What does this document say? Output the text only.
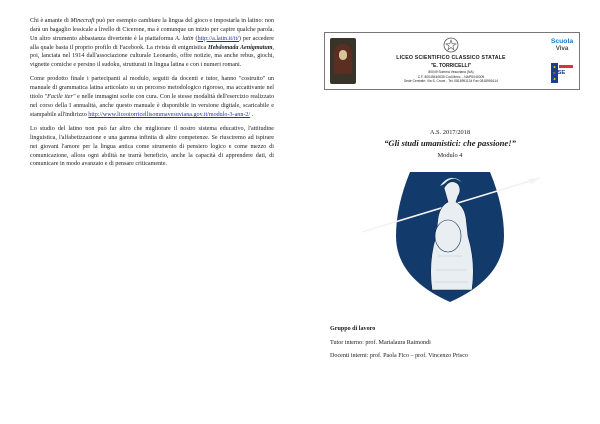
Chi è amante di Minecraft può per esempio cambiare la lingua del gioco e impostarla in latino: non darà un bagaglio lessicale a livello di Cicerone, ma è comunque un inizio per capire qualche parola. Un altro strumento abbastanza divertente è la piattaforma A. latin (http://a.latin.it/it/) per accedere alla quale basta il proprio profilo di Facebook. La rivista di enigmistica Hebdomada Aenigmatum, poi, lanciata nel 1914 dall'associazione culturale Leonardo, offre notizie, ma anche rebus, giochi, vignette comiche e persino il sudoku, strutturati in lingua latina e con i numeri romani.

Come prodotto finale i partecipanti al modulo, seguiti da docenti e tutor, hanno "costruito" un manuale di grammatica latina articolato su un percorso metodologico rigoroso, ma accattivante nel titolo "Facile iter" e nelle immagini scelte con cura. Con le stesse modalità dell'esercizio realizzato nel corso della I annualità, anche questo manuale è disponibile in versione digitale, scaricabile e stampabile all'indirizzo http://www.liceotorricellisommavesuviana.gov.it/modulo-3-ann-2/ .

Lo studio del latino non può far altro che migliorare il nostro sistema educativo, l'attitudine linguistica, l'alfabetizzazione e una gamma infinita di altre competenze. Se riusciremo ad ispirare nei giovani l'amore per la lingua antica come strumento di pensiero logico e come mezzo di comunicazione, allora ogni abilità ne trarrà beneficio, anche la capacità di apprendere dati, di comunicare in modo avanzato e di pensare criticamente.

LICEO SCIENTIFICO CLASSICO STATALE
"E. TORRICELLI"
80049 Somma Vesuviana (NA)
C.F. 80045440635 Cod.Mecc. - NAPS040009
Sede Centrale: Via S. Croce - Tel. 0818991134 Fax 0818991614
Scuola
Viva
FSE
A.S. 2017/2018
“Gli studi umanistici: che passione!”
Modulo 4
Gruppo di lavoro
Tutor interno: prof. Marialaura Raimondi
Docenti interni: prof. Paola Fico – prof. Vincenzo Prisco
